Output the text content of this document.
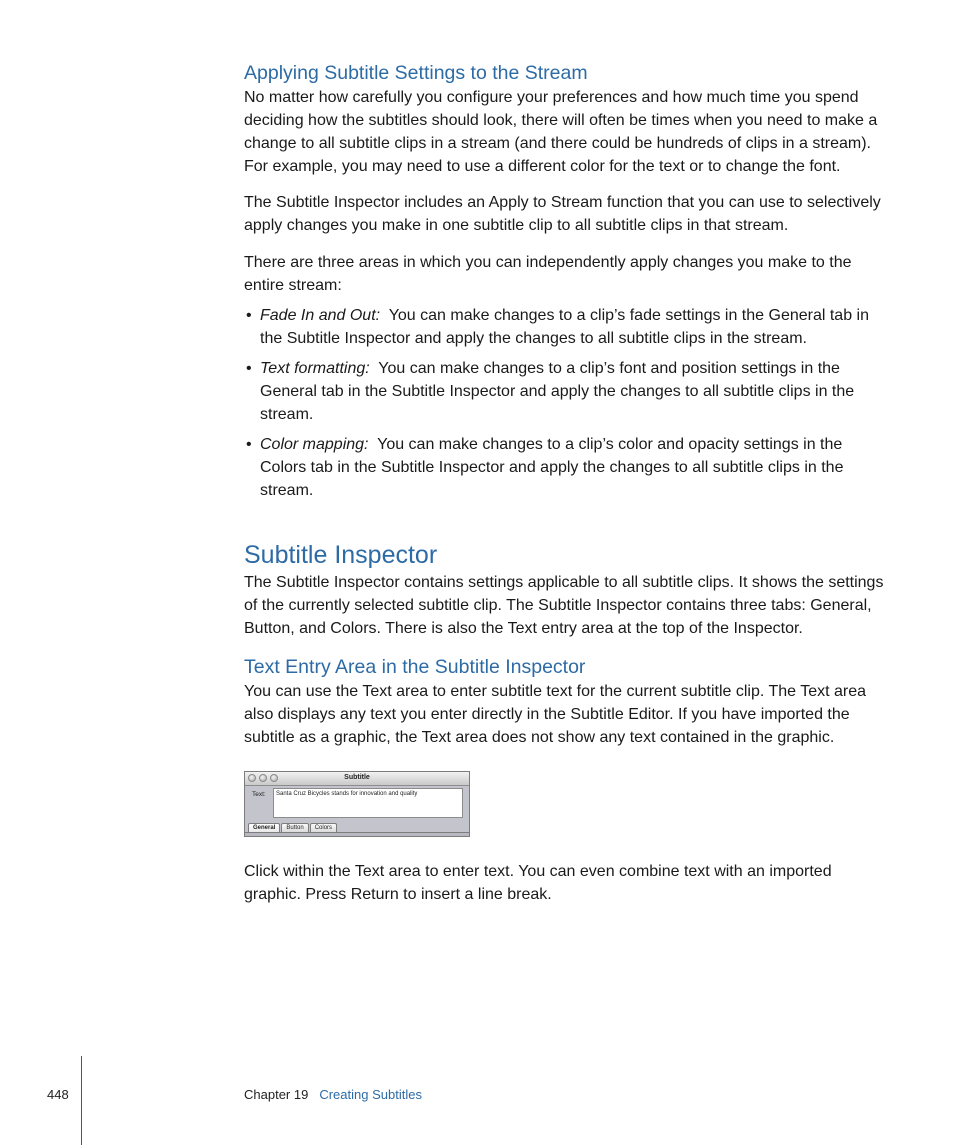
Applying Subtitle Settings to the Stream

No matter how carefully you configure your preferences and how much time you spend deciding how the subtitles should look, there will often be times when you need to make a change to all subtitle clips in a stream (and there could be hundreds of clips in a stream). For example, you may need to use a different color for the text or to change the font.

The Subtitle Inspector includes an Apply to Stream function that you can use to selectively apply changes you make in one subtitle clip to all subtitle clips in that stream.

There are three areas in which you can independently apply changes you make to the entire stream:

• Fade In and Out: You can make changes to a clip’s fade settings in the General tab in the Subtitle Inspector and apply the changes to all subtitle clips in the stream.
• Text formatting: You can make changes to a clip’s font and position settings in the General tab in the Subtitle Inspector and apply the changes to all subtitle clips in the stream.
• Color mapping: You can make changes to a clip’s color and opacity settings in the Colors tab in the Subtitle Inspector and apply the changes to all subtitle clips in the stream.
Subtitle Inspector

The Subtitle Inspector contains settings applicable to all subtitle clips. It shows the settings of the currently selected subtitle clip. The Subtitle Inspector contains three tabs: General, Button, and Colors. There is also the Text entry area at the top of the Inspector.

Text Entry Area in the Subtitle Inspector

You can use the Text area to enter subtitle text for the current subtitle clip. The Text area also displays any text you enter directly in the Subtitle Editor. If you have imported the subtitle as a graphic, the Text area does not show any text contained in the graphic.

Subtitle
Text:	Santa Cruz Bicycles stands for innovation and quality
General	Button	Colors

Click within the Text area to enter text. You can even combine text with an imported graphic. Press Return to insert a line break.

448	Chapter 19 Creating Subtitles
